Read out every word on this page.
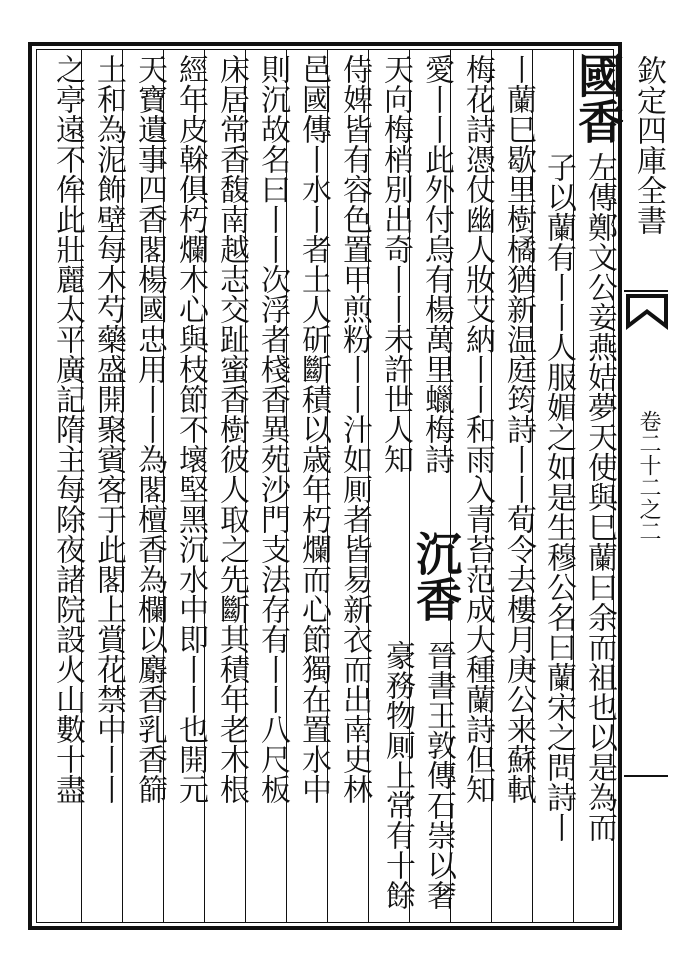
欽定四庫全書
卷二十二之二
國香
左傳鄭文公妾燕姞夢天使與巳蘭曰余而祖也以是為而
子以蘭有丨丨人服媚之如是生穆公名曰蘭宋之問詩丨
丨蘭巳歇里樹橘猶新温庭筠詩丨丨荀令去樓月庚公来蘇軾
梅花詩憑仗幽人妝艾納丨丨和雨入青苔范成大種蘭詩但知
愛丨丨此外付烏有楊萬里蠟梅詩
沉香
晉書王敦傳石崇以奢
天向梅梢別出奇丨丨未許世人知
豪務物厠上常有十餘
侍婢皆有容色置甲煎粉丨丨汁如厠者皆易新衣而出南史林
邑國傳丨水丨者土人斫斷積以歳年朽爛而心節獨在置水中
則沉故名曰丨丨次浮者棧香異苑沙門支法存有丨丨八尺板
床居常香馥南越志交趾蜜香樹彼人取之先斷其積年老木根
經年皮榦俱朽爛木心與枝節不壞堅黑沉水中即丨丨也開元
天寶遺事四香閣楊國忠用丨丨為閣檀香為欄以麝香乳香篩
土和為泥飾壁每木芍藥盛開聚賓客于此閣上賞花禁中丨丨
之亭遠不侔此壯麗太平廣記隋主每除夜諸院設火山數十盡
